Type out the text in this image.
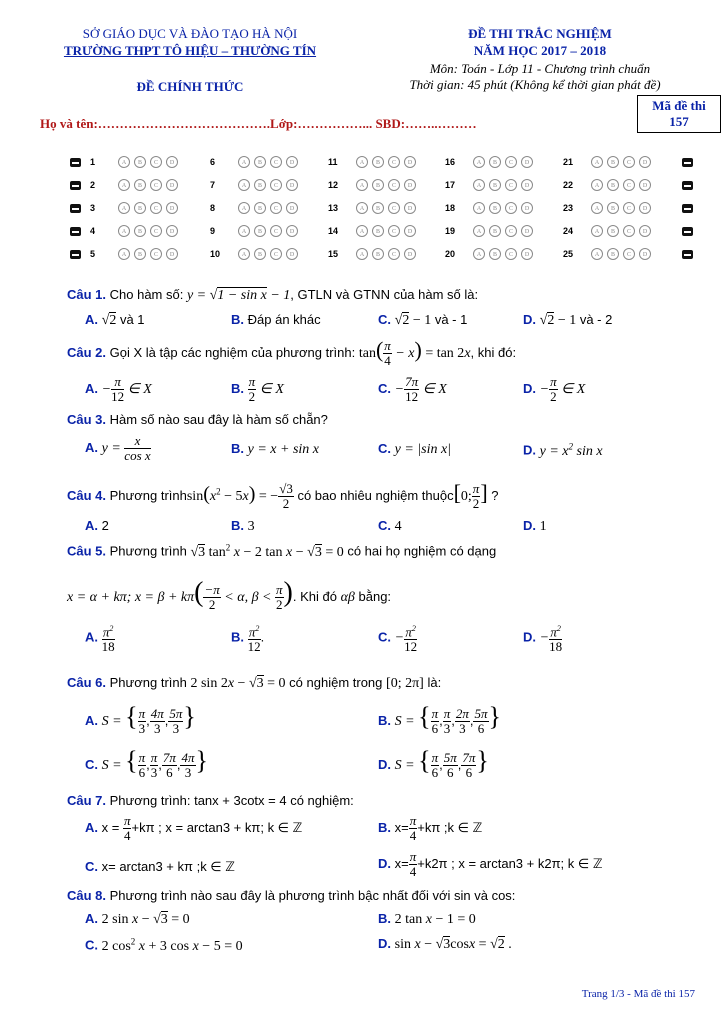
SỞ GIÁO DỤC VÀ ĐÀO TẠO HÀ NỘI
TRƯỜNG THPT TÔ HIỆU – THƯỜNG TÍN
ĐỀ CHÍNH THỨC
ĐỀ THI TRẮC NGHIỆM
NĂM HỌC 2017 – 2018
Môn: Toán - Lớp 11 - Chương trình chuẩn
Thời gian: 45 phút (Không kể thời gian phát đề)
Mã đề thi
157
Họ và tên:………………………………….Lớp:……………... SBD:……..………
1	A	B	C	D	6	A	B	C	D	11	A	B	C	D	16	A	B	C	D	21	A	B	C	D
2	A	B	C	D	7	A	B	C	D	12	A	B	C	D	17	A	B	C	D	22	A	B	C	D
3	A	B	C	D	8	A	B	C	D	13	A	B	C	D	18	A	B	C	D	23	A	B	C	D
4	A	B	C	D	9	A	B	C	D	14	A	B	C	D	19	A	B	C	D	24	A	B	C	D
5	A	B	C	D	10	A	B	C	D	15	A	B	C	D	20	A	B	C	D	25	A	B	C	D
Câu 1. Cho hàm số: y = √1 − sin x − 1, GTLN và GTNN của hàm số là:
A. √2 và 1	B. Đáp án khác	C. √2 − 1 và - 1	D. √2 − 1 và - 2
Câu 2. Gọi X là tập các nghiệm của phương trình: $\tan( \frac{\pi}{4} - x) = \tan 2x$, khi đó:
A. − $\frac{\pi}{12}$ ∈ X	B. $\frac{\pi}{2}$ ∈ X	C. − $\frac{7\pi}{12}$ ∈ X	D. − $\frac{\pi}{2}$ ∈ X
Câu 3. Hàm số nào sau đây là hàm số chẵn?
A. $y = \frac{x}{\text{cos x}}$	B. y = x + sin x	C. y = |sin x|	D. $y = x^2$ sin x
Câu 4. Phương $trìnhsin(x^2 - 5x)$ = − $\frac{√3}{2}$ có bao nhiêu nghiệm thuộc[0; $\frac{\pi}{2}$ ] ?
A. 2	B. 3	C. 4	D. 1
Câu 5. Phương trình √3 $\tan^2 x - 2$ tan x − √3 = 0 có hai họ nghiệm có dạng
x = α + kπ; $x = \beta + k\pi( \frac{-\pi}{2} < \alpha$, $\beta < \frac{\pi}{2}$ ). Khi đó αβ bằng:
A. $\frac{\pi^2}{18}$	B. $\frac{\pi^2}{12}$ .	C. − $\frac{\pi^2}{12}$	D. − $\frac{\pi^2}{18}$
Câu 6. Phương trình 2 sin 2x − √3 = 0 có nghiệm trong [0; 2π] là:
A. S = { $\frac{\pi}{3}$ , $\frac{4\pi}{3}$ , $\frac{5\pi}{3}$ }	B. S = { $\frac{\pi}{6}$ , $\frac{\pi}{3}$ , $\frac{2\pi}{3}$ , $\frac{5\pi}{6}$ }
C. S = { $\frac{\pi}{6}$ , $\frac{\pi}{3}$ , $\frac{7\pi}{6}$ , $\frac{4\pi}{3}$ }	D. S = { $\frac{\pi}{6}$ , $\frac{5\pi}{6}$ , $\frac{7\pi}{6}$ }
Câu 7. Phương trình: tanx + 3cotx = 4 có nghiệm:
A. $x = \frac{\pi}{4} +k\pi$ ; x = arctan3 + kπ; k ∈ ℤ	B. $x= \frac{\pi}{4} +k\pi$ ;k ∈ ℤ
C. x= arctan3 + kπ ;k ∈ ℤ	D. $x= \frac{\pi}{4} +k2\pi$ ; x = arctan3 + k2π; k ∈ ℤ
Câu 8. Phương trình nào sau đây là phương trình bậc nhất đối với sin và cos:
A. 2 sin x − √3 = 0	B. 2 tan x − 1 = 0
C. 2 $\cos^2 x + 3$ cos x − 5 = 0	D. sin x − √3cosx = √2 .
Trang 1/3 - Mã đề thi 157
